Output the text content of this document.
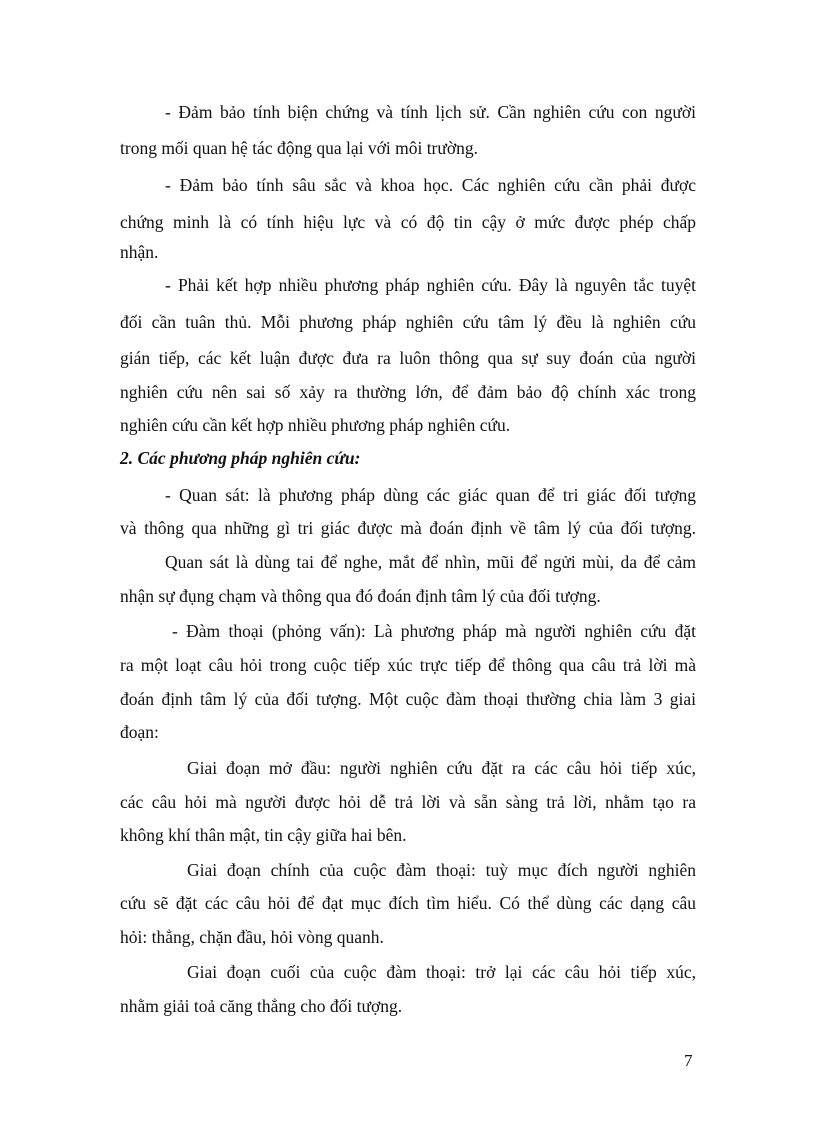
- Đảm bảo tính biện chứng và tính lịch sử. Cần nghiên cứu con người
trong mối quan hệ tác động qua lại với môi trường.
- Đảm bảo tính sâu sắc và khoa học. Các nghiên cứu cần phải được
chứng minh là có tính hiệu lực và có độ tin cậy ở mức được phép chấp
nhận.
- Phải kết hợp nhiều phương pháp nghiên cứu. Đây là nguyên tắc tuyệt
đối cần tuân thủ. Mỗi phương pháp nghiên cứu tâm lý đều là nghiên cứu
gián tiếp, các kết luận được đưa ra luôn thông qua sự suy đoán của người
nghiên cứu nên sai số xảy ra thường lớn, để đảm bảo độ chính xác trong
nghiên cứu cần kết hợp nhiều phương pháp nghiên cứu.
2. Các phương pháp nghiên cứu:
- Quan sát: là phương pháp dùng các giác quan để tri giác đối tượng
và thông qua những gì tri giác được mà đoán định về tâm lý của đối tượng.
Quan sát là dùng tai để nghe, mắt để nhìn, mũi để ngửi mùi, da để cảm
nhận sự đụng chạm và thông qua đó đoán định tâm lý của đối tượng.
- Đàm thoại (phỏng vấn): Là phương pháp mà người nghiên cứu đặt
ra một loạt câu hỏi trong cuộc tiếp xúc trực tiếp để thông qua câu trả lời mà
đoán định tâm lý của đối tượng. Một cuộc đàm thoại thường chia làm 3 giai
đoạn:
Giai đoạn mở đầu: người nghiên cứu đặt ra các câu hỏi tiếp xúc,
các câu hỏi mà người được hỏi dễ trả lời và sẵn sàng trả lời, nhằm tạo ra
không khí thân mật, tin cậy giữa hai bên.
Giai đoạn chính của cuộc đàm thoại: tuỳ mục đích người nghiên
cứu sẽ đặt các câu hỏi để đạt mục đích tìm hiểu. Có thể dùng các dạng câu
hỏi: thẳng, chặn đầu, hỏi vòng quanh.
Giai đoạn cuối của cuộc đàm thoại: trở lại các câu hỏi tiếp xúc,
nhằm giải toả căng thẳng cho đối tượng.
7
